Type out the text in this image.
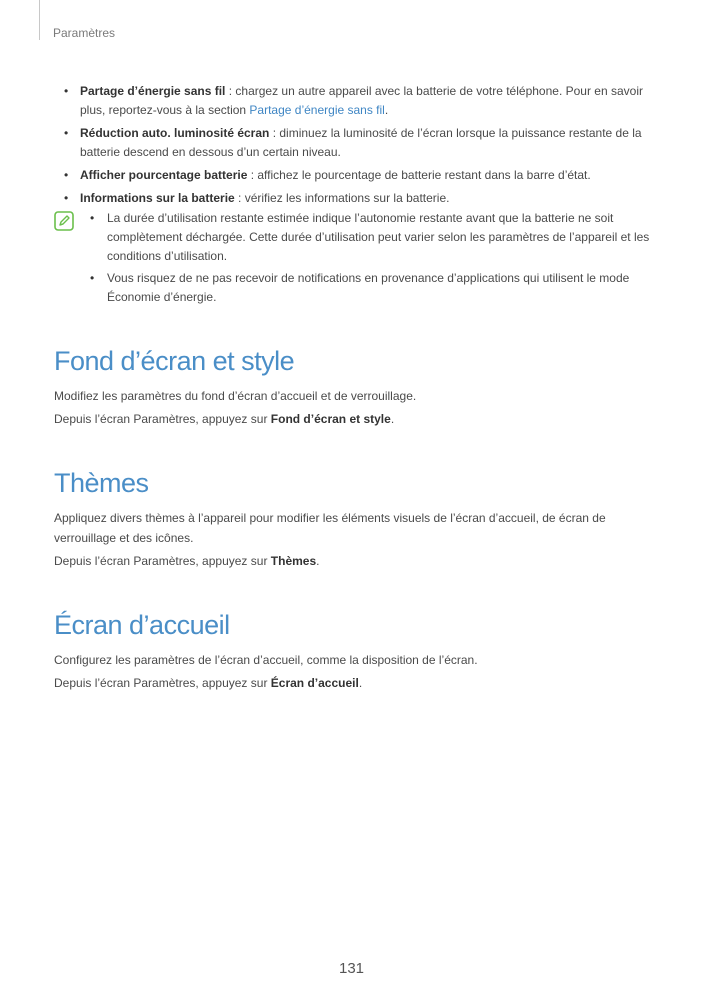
Paramètres
• Partage d’énergie sans fil : chargez un autre appareil avec la batterie de votre téléphone. Pour en savoir plus, reportez-vous à la section Partage d’énergie sans fil.
• Réduction auto. luminosité écran : diminuez la luminosité de l’écran lorsque la puissance restante de la batterie descend en dessous d’un certain niveau.
• Afficher pourcentage batterie : affichez le pourcentage de batterie restant dans la barre d’état.
• Informations sur la batterie : vérifiez les informations sur la batterie.
• La durée d’utilisation restante estimée indique l’autonomie restante avant que la batterie ne soit complètement déchargée. Cette durée d’utilisation peut varier selon les paramètres de l’appareil et les conditions d’utilisation.
• Vous risquez de ne pas recevoir de notifications en provenance d’applications qui utilisent le mode Économie d’énergie.
Fond d’écran et style

Modifiez les paramètres du fond d’écran d’accueil et de verrouillage.

Depuis l’écran Paramètres, appuyez sur Fond d’écran et style.

Thèmes

Appliquez divers thèmes à l’appareil pour modifier les éléments visuels de l’écran d’accueil, de écran de verrouillage et des icônes.

Depuis l’écran Paramètres, appuyez sur Thèmes.

Écran d’accueil

Configurez les paramètres de l’écran d’accueil, comme la disposition de l’écran.

Depuis l’écran Paramètres, appuyez sur Écran d’accueil.

131
